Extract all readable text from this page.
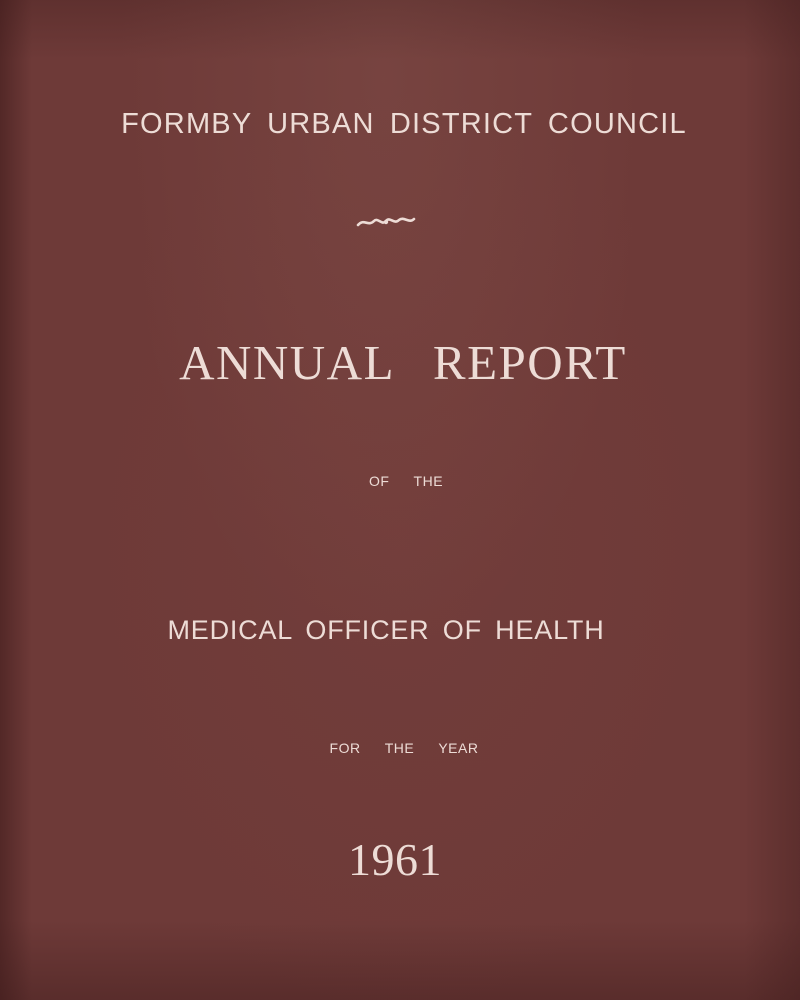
FORMBY URBAN DISTRICT COUNCIL
ANNUAL REPORT
OF THE
MEDICAL OFFICER OF HEALTH
FOR THE YEAR
1961
